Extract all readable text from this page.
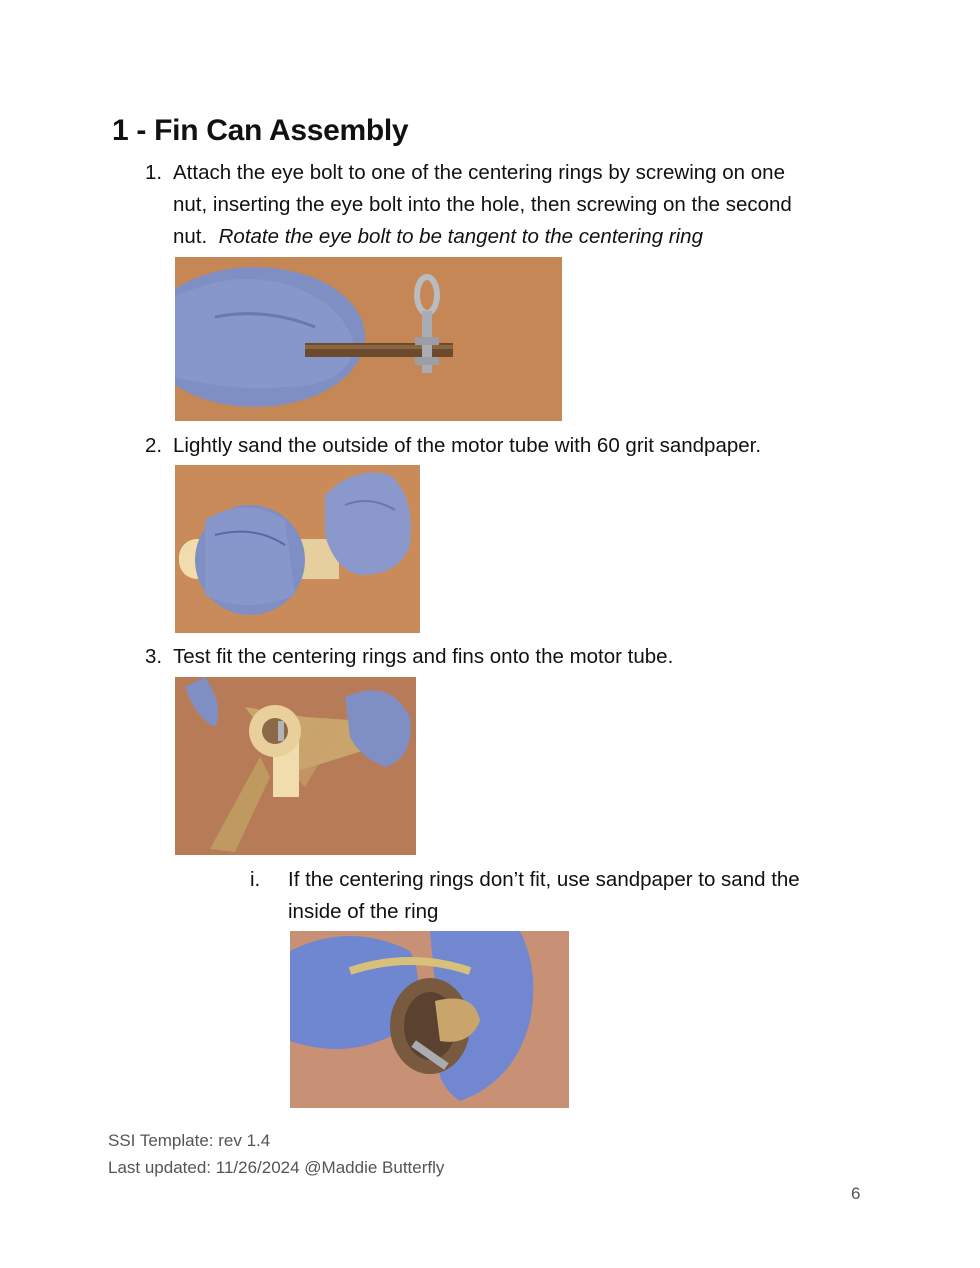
1 - Fin Can Assembly
1. Attach the eye bolt to one of the centering rings by screwing on one
nut, inserting the eye bolt into the hole, then screwing on the second
nut. Rotate the eye bolt to be tangent to the centering ring
2. Lightly sand the outside of the motor tube with 60 grit sandpaper.
3. Test fit the centering rings and fins onto the motor tube.
i. If the centering rings don’t fit, use sandpaper to sand the
inside of the ring
SSI Template: rev 1.4
Last updated: 11/26/2024 @Maddie Butterfly
6
